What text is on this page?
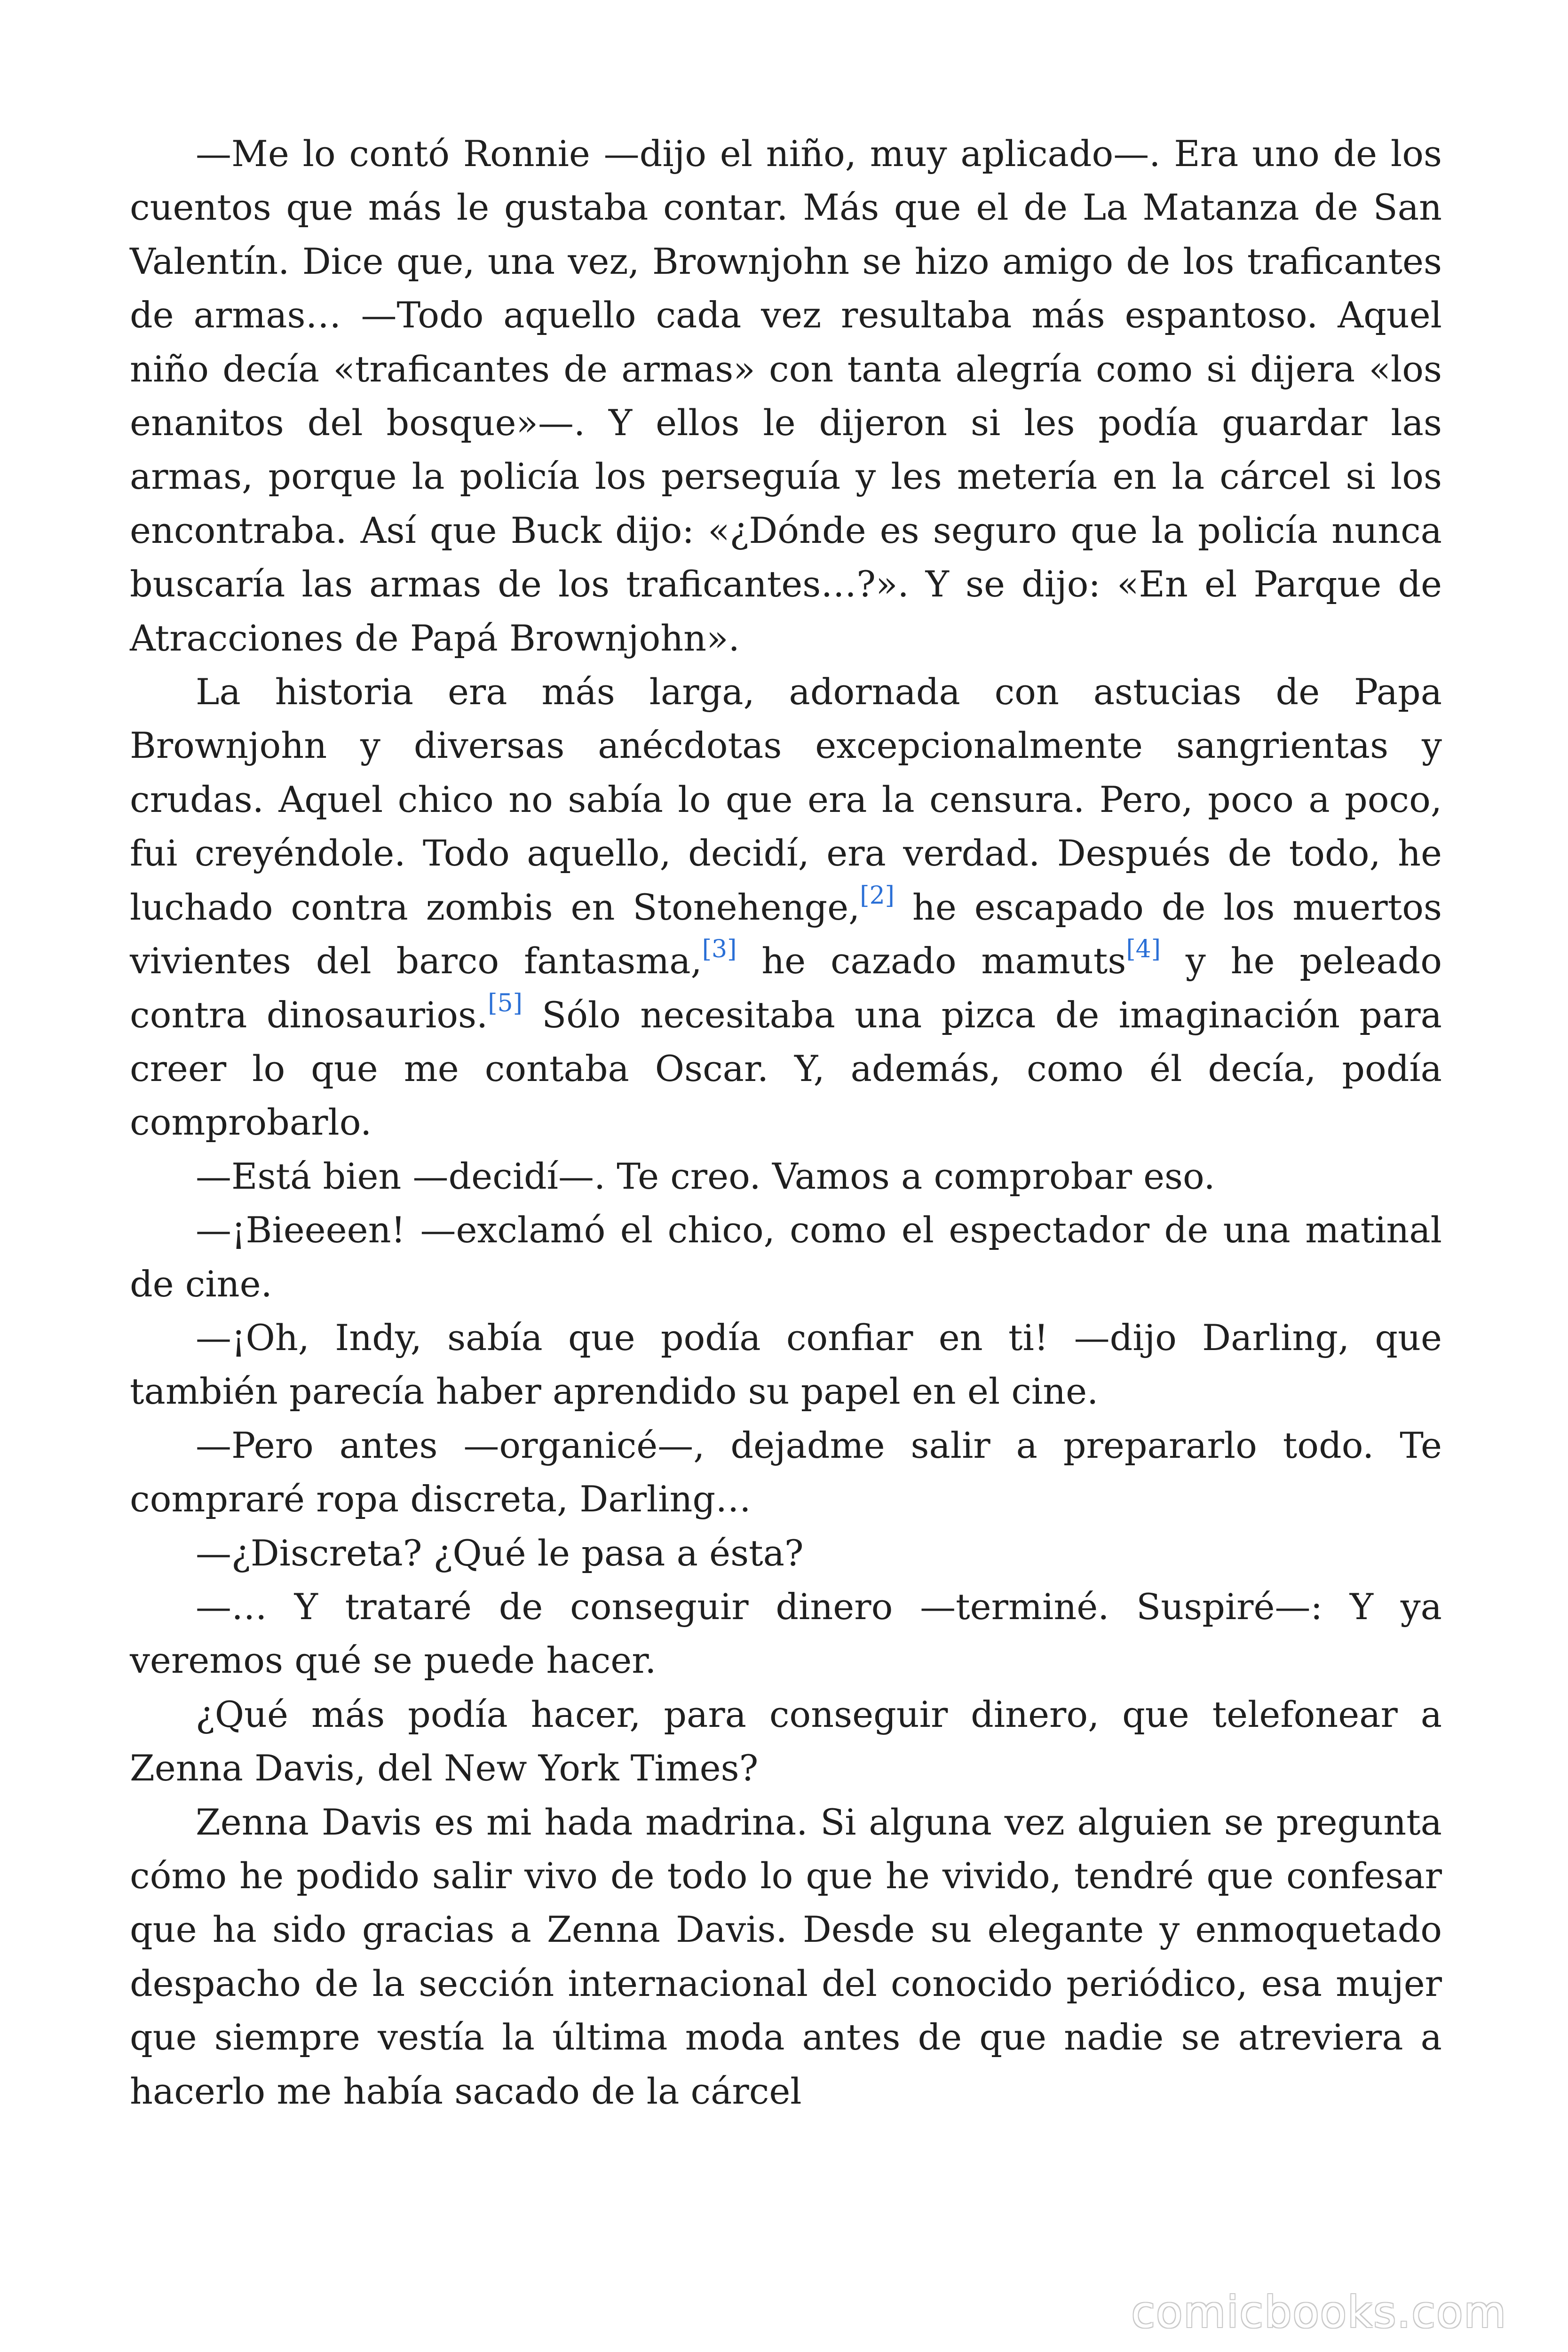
—Me lo contó Ronnie —dijo el niño, muy aplicado—. Era uno de los cuentos que más le gustaba contar. Más que el de La Matanza de San Valentín. Dice que, una vez, Brownjohn se hizo amigo de los traficantes de armas… —Todo aquello cada vez resultaba más espantoso. Aquel niño decía «traficantes de armas» con tanta alegría como si dijera «los enanitos del bosque»—. Y ellos le dijeron si les podía guardar las armas, porque la policía los perseguía y les metería en la cárcel si los encontraba. Así que Buck dijo: «¿Dónde es seguro que la policía nunca buscaría las armas de los traficantes…?». Y se dijo: «En el Parque de Atracciones de Papá Brownjohn».

La historia era más larga, adornada con astucias de Papa Brownjohn y diversas anécdotas excepcionalmente sangrientas y crudas. Aquel chico no sabía lo que era la censura. Pero, poco a poco, fui creyéndole. Todo aquello, decidí, era verdad. Después de todo, he luchado contra zombis en Stonehenge,[2] he escapado de los muertos vivientes del barco fantasma,[3] he cazado mamuts[4] y he peleado contra dinosaurios.[5] Sólo necesitaba una pizca de imaginación para creer lo que me contaba Oscar. Y, además, como él decía, podía comprobarlo.

—Está bien —decidí—. Te creo. Vamos a comprobar eso.

—¡Bieeeen! —exclamó el chico, como el espectador de una matinal de cine.

—¡Oh, Indy, sabía que podía confiar en ti! —dijo Darling, que también parecía haber aprendido su papel en el cine.

—Pero antes —organicé—, dejadme salir a prepararlo todo. Te compraré ropa discreta, Darling…

—¿Discreta? ¿Qué le pasa a ésta?

—… Y trataré de conseguir dinero —terminé. Suspiré—: Y ya veremos qué se puede hacer.

¿Qué más podía hacer, para conseguir dinero, que telefonear a Zenna Davis, del New York Times?

Zenna Davis es mi hada madrina. Si alguna vez alguien se pregunta cómo he podido salir vivo de todo lo que he vivido, tendré que confesar que ha sido gracias a Zenna Davis. Desde su elegante y enmoquetado despacho de la sección internacional del conocido periódico, esa mujer que siempre vestía la última moda antes de que nadie se atreviera a hacerlo me había sacado de la cárcel

comicbooks.com
